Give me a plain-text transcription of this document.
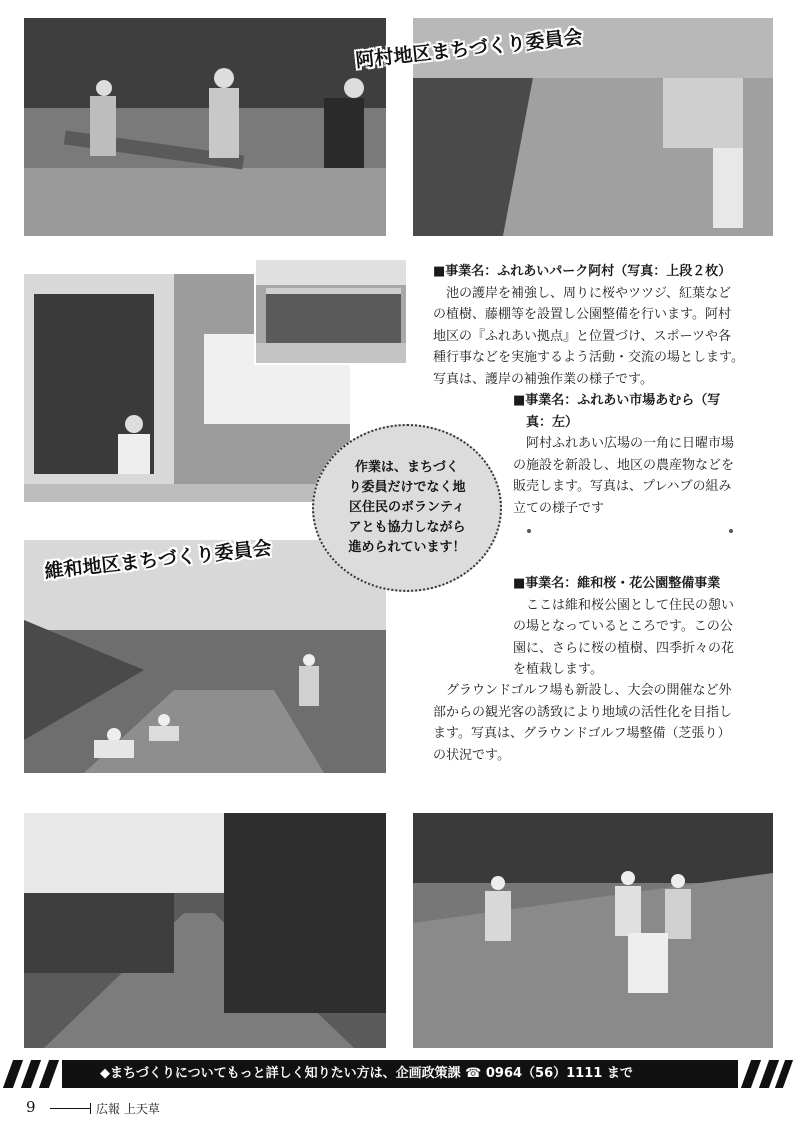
阿村地区まちづくり委員会
維和地区まちづくり委員会

■事業名：ふれあいパーク阿村（写真：上段２枚）

池の護岸を補強し、周りに桜やツツジ、紅葉など

の植樹、藤棚等を設置し公園整備を行います。阿村

地区の『ふれあい拠点』と位置づけ、スポーツや各

種行事などを実施するよう活動・交流の場とします。

写真は、護岸の補強作業の様子です。

■事業名：ふれあい市場あむら（写

真：左）

阿村ふれあい広場の一角に日曜市場

の施設を新設し、地区の農産物などを

販売します。写真は、プレハブの組み

立ての様子です

■事業名：維和桜・花公園整備事業

ここは維和桜公園として住民の憩い

の場となっているところです。この公

園に、さらに桜の植樹、四季折々の花

を植栽します。

グラウンドゴルフ場も新設し、大会の開催など外

部からの観光客の誘致により地域の活性化を目指し

ます。写真は、グラウンドゴルフ場整備（芝張り）

の状況です。

作業は、まちづく
り委員だけでなく地
区住民のボランティ
アとも協力しながら
進められています！
◆まちづくりについてもっと詳しく知りたい方は、企画政策課 ☎ 0964（56）1111 まで
9	広報 上天草
